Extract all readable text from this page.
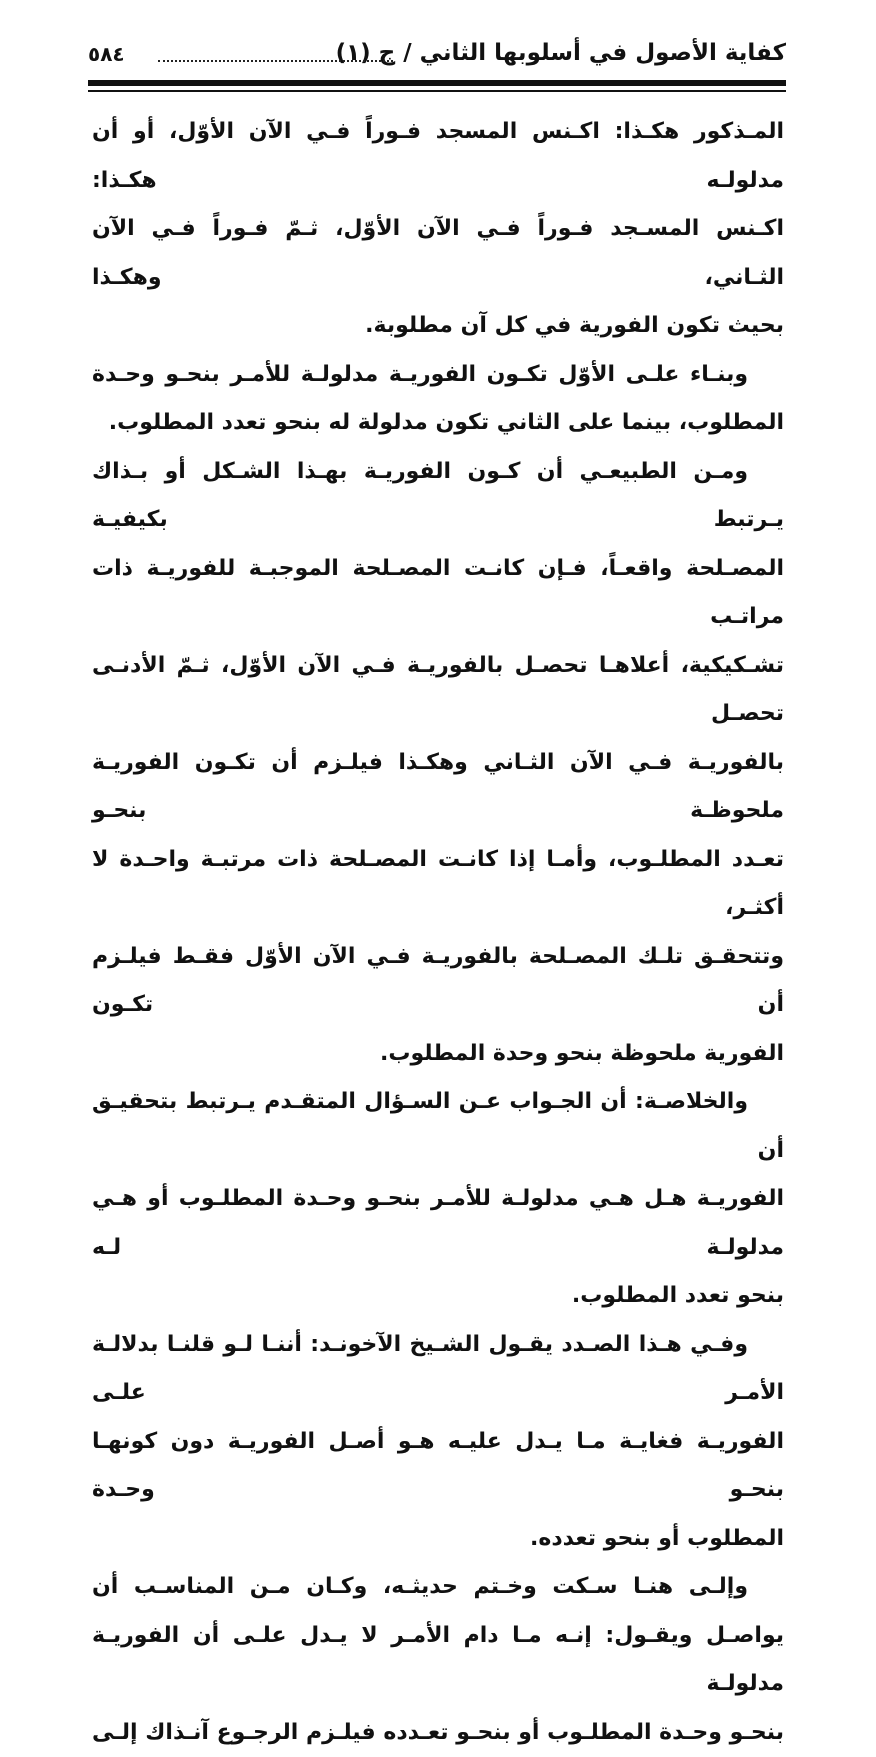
كفاية الأصول في أسلوبها الثاني / ج (١)
٥٨٤

المـذكور هكـذا: اكـنس المسجد فـوراً فـي الآن الأوّل، أو أن مدلولـه هكـذا:

اكـنس المسـجد فـوراً فـي الآن الأوّل، ثـمّ فـوراً فـي الآن الثـاني، وهكـذا

بحيث تكون الفورية في كل آن مطلوبة.

وبنـاء علـى الأوّل تكـون الفوريـة مدلولـة للأمـر بنحـو وحـدة

المطلوب، بينما على الثاني تكون مدلولة له بنحو تعدد المطلوب.

ومـن الطبيعـي أن كـون الفوريـة بهـذا الشـكل أو بـذاك يـرتبط بكيفيـة

المصـلحة واقعـاً، فـإن كانـت المصـلحة الموجبـة للفوريـة ذات مراتـب

تشـكيكية، أعلاهـا تحصـل بالفوريـة فـي الآن الأوّل، ثـمّ الأدنـى تحصـل

بالفوريـة فـي الآن الثـاني وهكـذا فيلـزم أن تكـون الفوريـة ملحوظـة بنحـو

تعـدد المطلـوب، وأمـا إذا كانـت المصـلحة ذات مرتبـة واحـدة لا أكثـر،

وتتحقـق تلـك المصـلحة بالفوريـة فـي الآن الأوّل فقـط فيلـزم أن تكـون

الفورية ملحوظة بنحو وحدة المطلوب.

والخلاصـة: أن الجـواب عـن السـؤال المتقـدم يـرتبط بتحقيـق أن

الفوريـة هـل هـي مدلولـة للأمـر بنحـو وحـدة المطلـوب أو هـي مدلولـة لـه

بنحو تعدد المطلوب.

وفـي هـذا الصـدد يقـول الشـيخ الآخونـد: أننـا لـو قلنـا بدلالـة الأمـر علـى

الفوريـة فغايـة مـا يـدل عليـه هـو أصـل الفوريـة دون كونهـا بنحـو وحـدة

المطلوب أو بنحو تعدده.

وإلـى هنـا سـكت وخـتم حديثـه، وكـان مـن المناسـب أن

يواصـل ويقـول: إنـه مـا دام الأمـر لا يـدل علـى أن الفوريـة مدلولـة

بنحـو وحـدة المطلـوب أو بنحـو تعـدده فيلـزم الرجـوع آنـذاك إلـى
